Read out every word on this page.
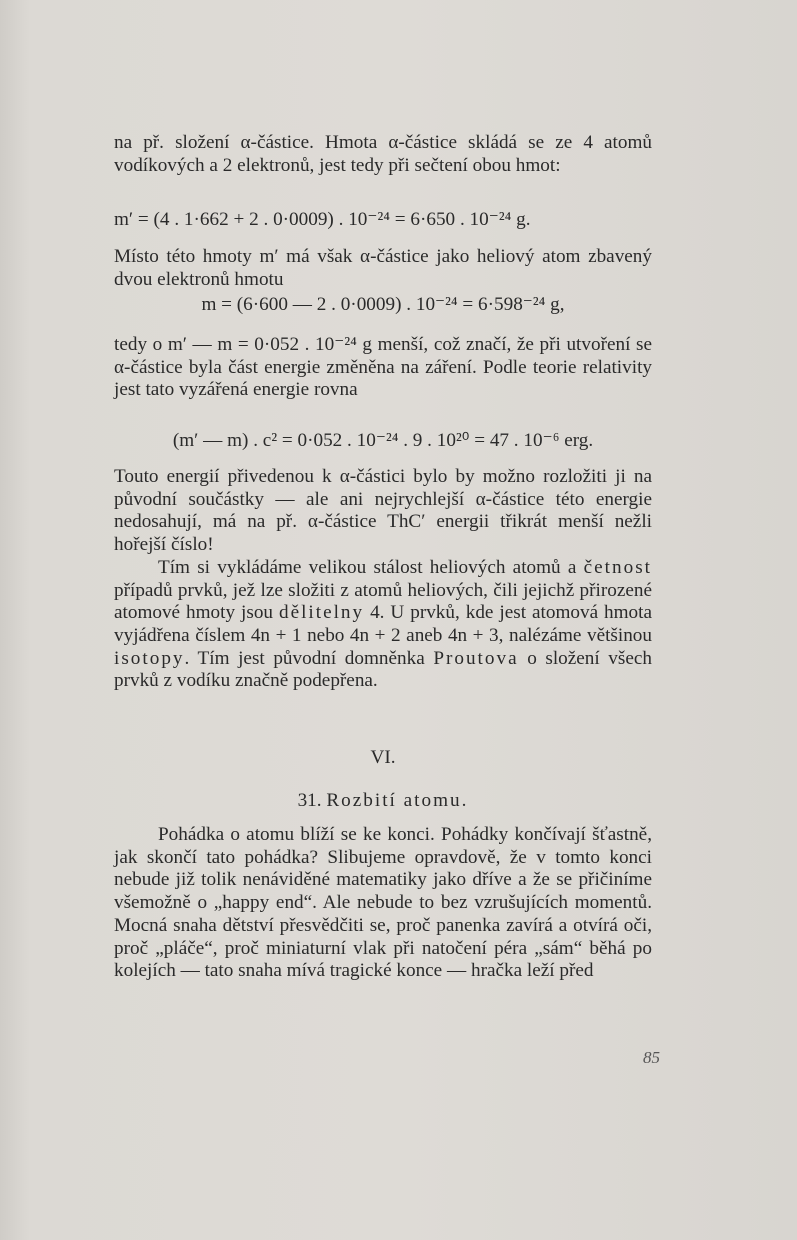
na př. složení α-částice. Hmota α-částice skládá se ze 4 atomů vodíkových a 2 elektronů, jest tedy při sečtení obou hmot:

m′ = (4 . 1·662 + 2 . 0·0009) . 10⁻²⁴ = 6·650 . 10⁻²⁴ g.

Místo této hmoty m′ má však α-částice jako heliový atom zbavený dvou elektronů hmotu

m = (6·600 — 2 . 0·0009) . 10⁻²⁴ = 6·598⁻²⁴ g,

tedy o m′ — m = 0·052 . 10⁻²⁴ g menší, což značí, že při utvoření se α-částice byla část energie změněna na záření. Podle teorie relativity jest tato vyzářená energie rovna

(m′ — m) . c² = 0·052 . 10⁻²⁴ . 9 . 10²⁰ = 47 . 10⁻⁶ erg.

Touto energií přivedenou k α-částici bylo by možno rozložiti ji na původní součástky — ale ani nejrychlejší α-částice této energie nedosahují, má na př. α-částice ThC′ energii třikrát menší nežli hořejší číslo!

Tím si vykládáme velikou stálost heliových atomů a četnost případů prvků, jež lze složiti z atomů heliových, čili jejichž přirozené atomové hmoty jsou dělitelny 4. U prvků, kde jest atomová hmota vyjádřena číslem 4n + 1 nebo 4n + 2 aneb 4n + 3, nalézáme většinou isotopy. Tím jest původní domněnka Proutova o složení všech prvků z vodíku značně podepřena.

VI.
31. Rozbití atomu.

Pohádka o atomu blíží se ke konci. Pohádky končívají šťastně, jak skončí tato pohádka? Slibujeme opravdově, že v tomto konci nebude již tolik nenáviděné matematiky jako dříve a že se přičiníme všemožně o „happy end“. Ale nebude to bez vzrušujících momentů. Mocná snaha dětství přesvědčiti se, proč panenka zavírá a otvírá oči, proč „pláče“, proč miniaturní vlak při natočení péra „sám“ běhá po kolejích — tato snaha mívá tragické konce — hračka leží před

85
